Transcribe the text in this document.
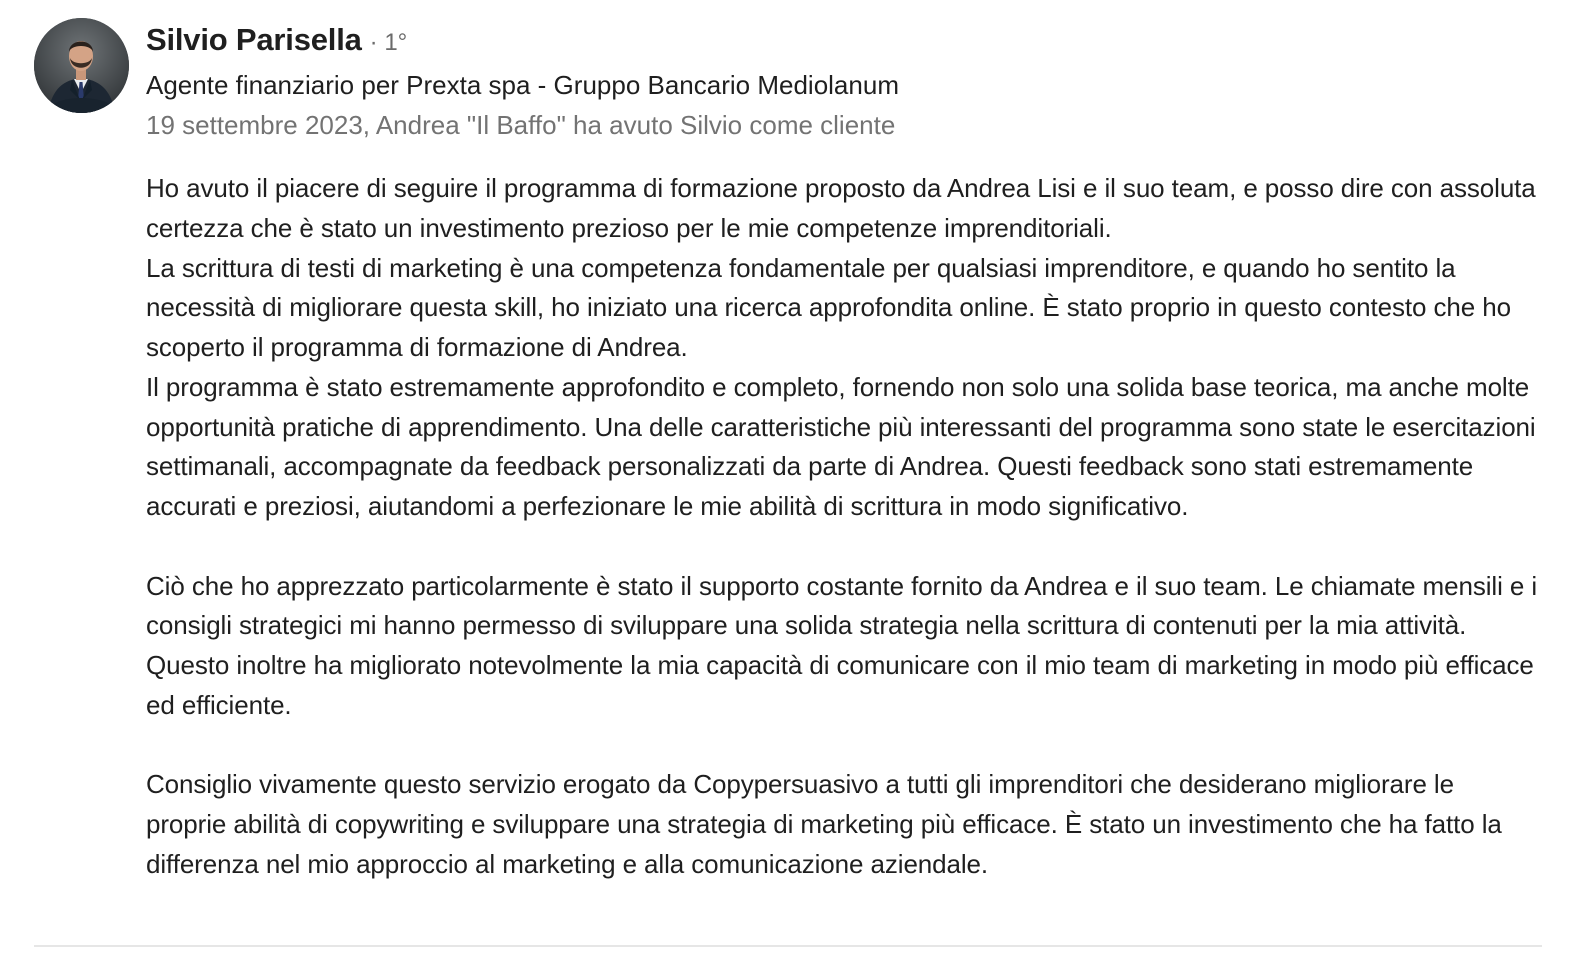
Silvio Parisella · 1°
Agente finanziario per Prexta spa - Gruppo Bancario Mediolanum
19 settembre 2023, Andrea "Il Baffo" ha avuto Silvio come cliente

Ho avuto il piacere di seguire il programma di formazione proposto da Andrea Lisi e il suo team, e posso dire con assoluta certezza che è stato un investimento prezioso per le mie competenze imprenditoriali.

La scrittura di testi di marketing è una competenza fondamentale per qualsiasi imprenditore, e quando ho sentito la necessità di migliorare questa skill, ho iniziato una ricerca approfondita online. È stato proprio in questo contesto che ho scoperto il programma di formazione di Andrea.

Il programma è stato estremamente approfondito e completo, fornendo non solo una solida base teorica, ma anche molte opportunità pratiche di apprendimento. Una delle caratteristiche più interessanti del programma sono state le esercitazioni settimanali, accompagnate da feedback personalizzati da parte di Andrea. Questi feedback sono stati estremamente accurati e preziosi, aiutandomi a perfezionare le mie abilità di scrittura in modo significativo.

Ciò che ho apprezzato particolarmente è stato il supporto costante fornito da Andrea e il suo team. Le chiamate mensili e i consigli strategici mi hanno permesso di sviluppare una solida strategia nella scrittura di contenuti per la mia attività. Questo inoltre ha migliorato notevolmente la mia capacità di comunicare con il mio team di marketing in modo più efficace ed efficiente.

Consiglio vivamente questo servizio erogato da Copypersuasivo a tutti gli imprenditori che desiderano migliorare le proprie abilità di copywriting e sviluppare una strategia di marketing più efficace. È stato un investimento che ha fatto la differenza nel mio approccio al marketing e alla comunicazione aziendale.
